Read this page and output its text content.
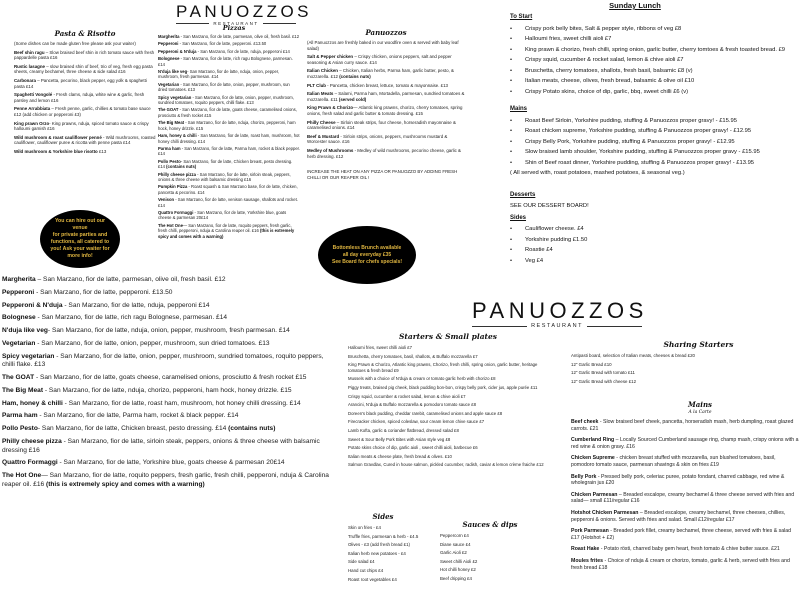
PANUOZZOS
RESTAURANT
Pasta & Risotto
(Some dishes can be made gluten free please ask your waiter)
Beef shin ragu – Slow braised beef shin in rich tomato sauce with fresh pappardelle pasta £16
Rustic lasagne – slow braised shin of beef, trio of veg, fresh egg pasta sheets, creamy bechamel, three cheese & side salad £16
Carbonara – Pancetta, pecorino, black pepper, egg yolk & spaghetti pasta £14
Spaghetti Vongolé - Fresh clams, nduja, white wine & garlic, fresh parsley and lemon £16
Penne Arrabbiata – Fresh penne, garlic, chillies & tomato base sauce £12 (add chicken or pepperoni £3)
King prawn Orzo- King prawns, nduja, spiced tomato sauce & crispy halloumi garnish £16
Wild mushroom & roast cauliflower penné - Wild mushrooms, roasted cauliflower, cauliflower puree & ricotta with penne pasta £14
Wild mushroom & Yorkshire blue risotto £13
Pizzas
Margherita - San Marzano, fior de latte, parmesan, olive oil, fresh basil. £12
Pepperoni - San Marzano, fior de latte, pepperoni. £13.50
Pepperoni & N'duja - San Marzano, fior de latte, nduja, pepperoni £14
Bolognese - San Marzano, fior de latte, rich ragu Bolognese, parmesan. £14
N'duja like veg- San Marzano, fior de latte, nduja, onion, pepper, mushroom, fresh parmesan. £14
Vegetarian - San Marzano, fior de latte, onion, pepper, mushroom, sun dried tomatoes. £13
Spicy vegetarian - San Marzano, fior de latte, onion, pepper, mushroom, sundried tomatoes, roquito peppers, chilli flake. £13
The GOAT - San Marzano, fior de latte, goats cheese, caramelised onions, prosciutto & fresh rocket £15
The Big Meat - San Marzano, fior de latte, nduja, chorizo, pepperoni, ham hock, honey drizzle. £15
Ham, honey & chilli - San Marzano, fior de latte, roast ham, mushroom, hot honey chilli dressing. £14
Parma ham - San Marzano, fior de latte, Parma ham, rocket & black pepper. £14
Pollo Pesto- San Marzano, fior de latte, Chicken breast, pesto dressing. £14 (contains nuts)
Philly cheese pizza - San Marzano, fior de latte, sirloin steak, peppers, onions & three cheese with balsamic dressing £16
Pumpkin Pizza - Roast squash & San Marzano base, fior de latte, chicken, pancetta & pecorino. £14
Venison - San Marzano, fior de latte, venison sausage, shallots and rocket. £14
Quattro Formaggi - San Marzano, fior de latte, Yorkshire blue, goats cheese & parmesan 20£14
The Hot One— San Marzano, fior de latte, roquito peppers, fresh garlic, fresh chilli, pepperoni, nduja & Carolina reaper oil. £16 (this is extremely spicy and comes with a warning)
Panuozzos
(All Panuozzos are freshly baked in our woodfire oven & served with baby leaf salad)
Salt & Pepper chicken – Crispy chicken, onions peppers, salt and pepper seasoning & Asian curry sauce. £14
Italian Chicken – Chicken, Italian herbs, Parma ham, garlic butter, pesto, & mozzarella. £12 (contains nuts)
PLT Club - Pancetta, chicken breast, lettuce, tomato & mayonnaise. £13
Italian Meats – Salami, Parma ham, Mortadella, parmesan, sundried tomatoes & mozzarella. £11 (served cold)
King Prawn & Chorizo— Atlantic king prawns, chorizo, cherry tomatoes, spring onions, fresh salad and garlic butter & tomato dressing. £15
Philly Cheese – Sirloin steak strips, four cheese, horseradish mayonnaise & caramelised onions. £14
Beef & Mustard - Sirloin strips, onions, peppers, mushrooms mustard & Worcester sauce. £16
Medley of Mushrooms - Medley of wild mushrooms, pecorino cheese, garlic & herb dressing. £12
INCREASE THE HEAT ON ANY PIZZA OR PANUOZZO BY ADDING FRESH CHILLI OR OUR REAPER OIL !
You can hire out our venue
for private parties and
functions, all catered to
you! Ask your waiter for
more info!
Bottomless Brunch available
all day everyday £35
See Board for chefs specials!
Sunday Lunch
To Start
• Crispy pork belly bites, Salt & pepper style, ribbons of veg £8
• Halloumi fries, sweet chilli aioli £7
• King prawn & chorizo, fresh chilli, spring onion, garlic butter, cherry tomtoes & fresh toasted bread. £9
• Crispy squid, cucumber & rocket salad, lemon & chive aioli £7
• Bruschetta, cherry tomatoes, shallots, fresh basil, balsamic £8 (v)
• Italian meats, cheese, olives, fresh bread, balsamic & olive oil £10
• Crispy Potato skins, choice of dip, garlic, bbq, sweet chilli £6 (v)
Mains
• Roast Beef Sirloin, Yorkshire pudding, stuffing & Panuozzos proper gravy! - £15.95
• Roast chicken supreme, Yorkshire pudding, stuffing & Panuozzos proper gravy! - £12.95
• Crispy Belly Pork, Yorkshire pudding, stuffing & Panuozzos proper gravy! - £12.95
• Slow braised lamb shoulder, Yorkshire pudding, stuffing & Panuozzos proper gravy - £15.95
• Shin of Beef roast dinner, Yorkshire pudding, stuffing & Panuozzos proper gravy! - £13.95
( All served with, roast potatoes, mashed potatoes, & seasonal veg.)
Desserts
SEE OUR DESSERT BOARD!
Sides
• Cauliflower cheese. £4
• Yorkshire pudding £1.50
• Roastie £4
• Veg £4
Margherita – San Marzano, fior de latte, parmesan, olive oil, fresh basil. £12
Pepperoni - San Marzano, fior de latte, pepperoni. £13.50
Pepperoni & N'duja - San Marzano, fior de latte, nduja, pepperoni £14
Bolognese - San Marzano, fior de latte, rich ragu Bolognese, parmesan. £14
N'duja like veg- San Marzano, fior de latte, nduja, onion, pepper, mushroom, fresh parmesan. £14
Vegetarian - San Marzano, fior de latte, onion, pepper, mushroom, sun dried tomatoes. £13
Spicy vegetarian - San Marzano, fior de latte, onion, pepper, mushroom, sundried tomatoes, roquito peppers, chilli flake. £13
The GOAT - San Marzano, fior de latte, goats cheese, caramelised onions, prosciutto & fresh rocket £15
The Big Meat - San Marzano, fior de latte, nduja, chorizo, pepperoni, ham hock, honey drizzle. £15
Ham, honey & chilli - San Marzano, fior de latte, roast ham, mushroom, hot honey chilli dressing. £14
Parma ham - San Marzano, fior de latte, Parma ham, rocket & black pepper. £14
Pollo Pesto- San Marzano, fior de latte, Chicken breast, pesto dressing. £14 (contains nuts)
Philly cheese pizza - San Marzano, fior de latte, sirloin steak, peppers, onions & three cheese with balsamic dressing £16
Quattro Formaggi - San Marzano, fior de latte, Yorkshire blue, goats cheese & parmesan 20£14
The Hot One— San Marzano, fior de latte, roquito peppers, fresh garlic, fresh chilli, pepperoni, nduja & Carolina reaper oil. £16 (this is extremely spicy and comes with a warning)
PANUOZZOS
RESTAURANT
Starters & Small plates
Halloumi fries, sweet chilli aioli £7
Bruschetta, cherry tomatoes, basil, shallots, & Buffalo mozzarella £7
King Prawn & Chorizo, Atlantic king prawns, Chorizo, fresh chilli, spring onion, garlic butter, heritage tomatoes & fresh bread £9
Mussels with a choice of N'duja & cream or tomato garlic herb with chorizo £8
Piggy treats, braised pig cheek, black pudding bon-bon, crispy belly pork, cider jus, apple purée £11
Crispy squid, cucumber & rocket salad, lemon & chive aioli £7
Arancini, N'duja & Buffalo mozzarella & pomodoro tomato sauce £8
Doreen's black pudding, cheddar rarebit, caramelised onions and apple sauce £8
Firecracker chicken, spiced coleslaw, sour cream lemon chive sauce £7
Lamb Kofta, garlic & coriander flatbread, dressed salad £8
Sweet & Sour Belly Pork Bites with Asian style veg £8
Potato skins choice of dip, garlic aioli , sweet chilli aioli, barbecue £6
Italian meats & cheese plate, fresh bread & olives. £10
Salmon Gravdlax, Cured in house salmon, pickled cucumber, radish, caviar & lemon crème fraiche £12
Sides
Skin on fries - £4
Truffle fries, parmesan & herb - £4.5
Olives - £3 (add fresh bread £1)
Italian herb new potatoes - £4
Side salad £4
Hand cut chips £4
Roast root vegetables £4
Sauces & dips
Peppercorn £4
Diane sauce £4
Garlic Aioli £2
Sweet chilli Aioli £2
Hot chilli honey £2
Beef dripping £4
Sharing Starters
Antipasti board, selection of Italian meats, cheeses & bread £20
12" Garlic Bread £10
12" Garlic Bread with tomato £11
12" Garlic Bread with cheese £12
Mains
A la Carte
Beef cheek - Slow braised beef cheek, pancetta, horseradish mash, herb dumpling, roast glazed carrots. £21
Cumberland Ring – Locally Sourced Cumberland sausage ring, champ mash, crispy onions with a red wine & onion gravy. £16
Chicken Supreme - chicken breast stuffed with mozzarella, sun blushed tomatoes, basil, pomodoro tomato sauce, parmesan shavings & skin on fries £19
Belly Pork - Pressed belly pork, celeriac puree, potato fondant, charred cabbage, red wine & wholegrain jus £20
Chicken Parmesan – Breaded escalope, creamy bechamel & three cheese served with fries and salad— small £11/regular £16
Hotshot Chicken Parmesan – Breaded escalope, creamy bechamel, three cheeses, chillies, pepperoni & onions. Served with fries and salad. Small £12/regular £17
Pork Parmesan - Breaded pork fillet, creamy bechamel, three cheese, served with fries & salad £17 (Hotshot + £2)
Roast Hake - Potato rösti, charred baby gem heart, fresh tomato & chive butter sauce. £21
Moules frites - Choice of nduja & cream or chorizo, tomato, garlic & herb, served with fries and fresh bread £18
